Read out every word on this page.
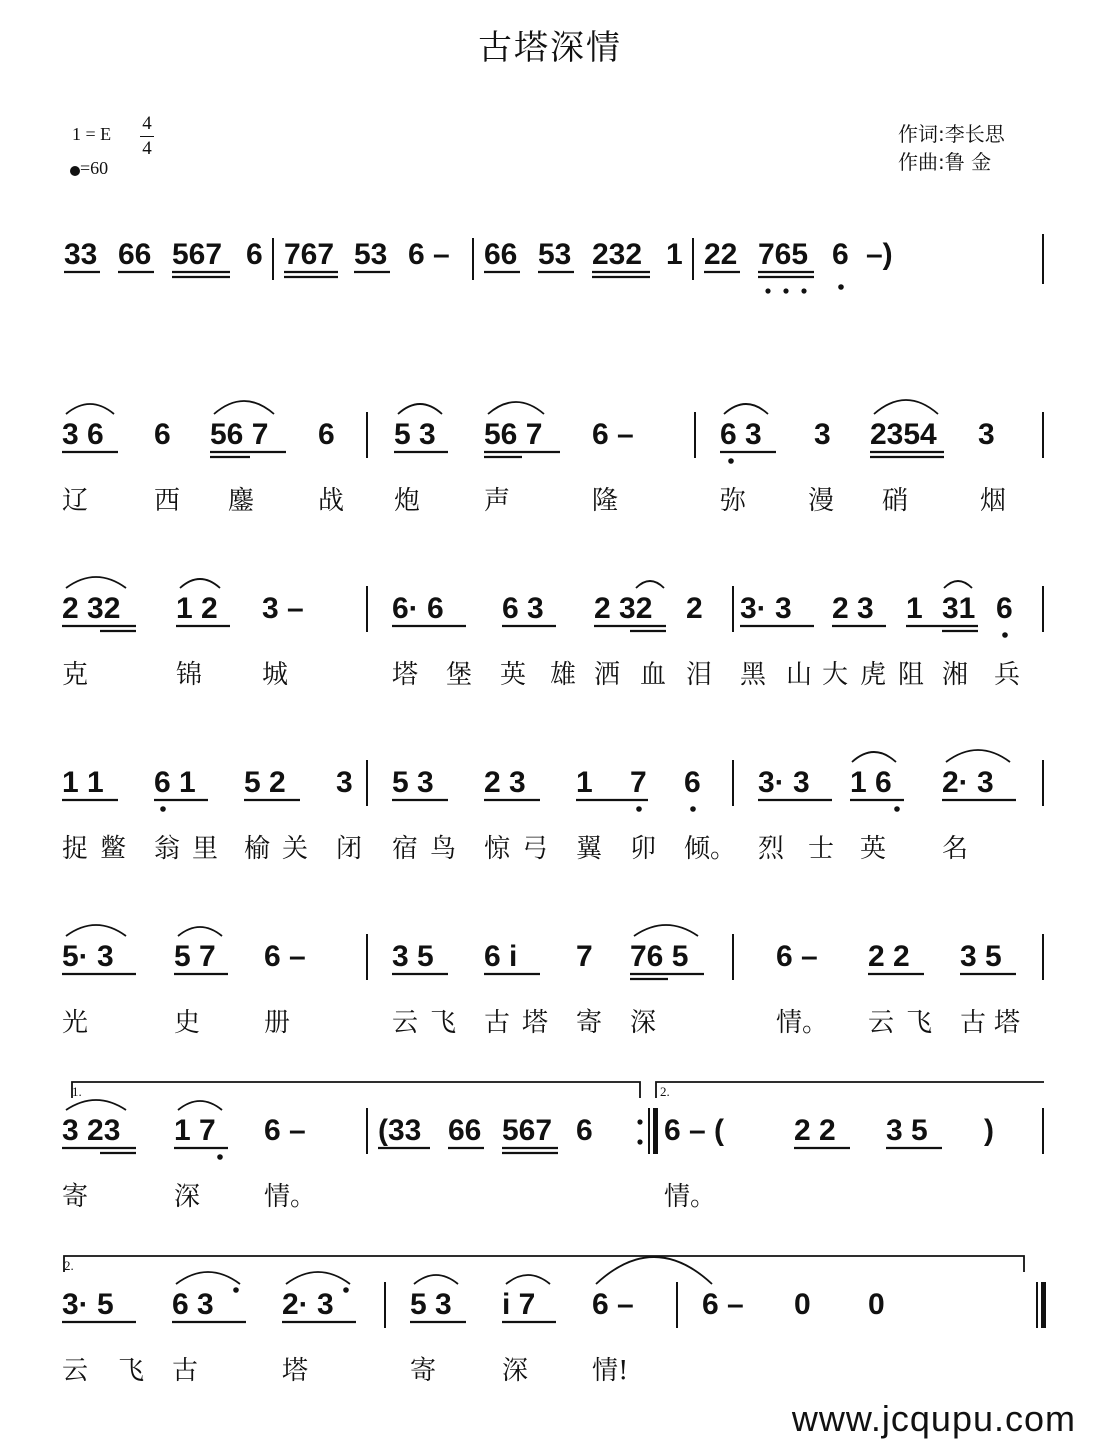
古塔深情
1 = E	4
4
=60
作词:李长思
作曲:鲁 金
33 66 567 6 767 53 6 – 66 53 232 1 22 765 6 –)
3 6 6 56 7 6 5 3 56 7 6 –	6 3 3 2354 3
辽	西 鏖 战 炮 声	隆	弥 漫 硝	烟
2 32 1 2 3 –	6· 6 6 3 2 32 2 3· 3 2 3 1 31 6
克	锦 城	塔 堡 英 雄 洒 血 泪 黑 山 大 虎 阻 湘 兵
1 1 6 1 5 2 3 5 3 2 3 1 7 6 3· 3 1 6 2· 3
捉 鳖 翁 里 榆 关 闭 宿 鸟 惊 弓 翼 卯 倾。 烈 士 英 名
5· 3 5 7 6 –	3 5 6 i 7 76 5	6 – 2 2 3 5
光	史 册	云 飞 古 塔 寄 深	情。 云 飞 古 塔
1.	2.
3 23 1 7 6 – (33 66 567 6 6 – ( 2 2 3 5 )
寄	深 情。	情。
2.
3· 5 6 3 2· 3	5 3 i 7 6 – 6 – 0 0
云 飞 古	塔	寄	深 情!
www.jcqupu.com
